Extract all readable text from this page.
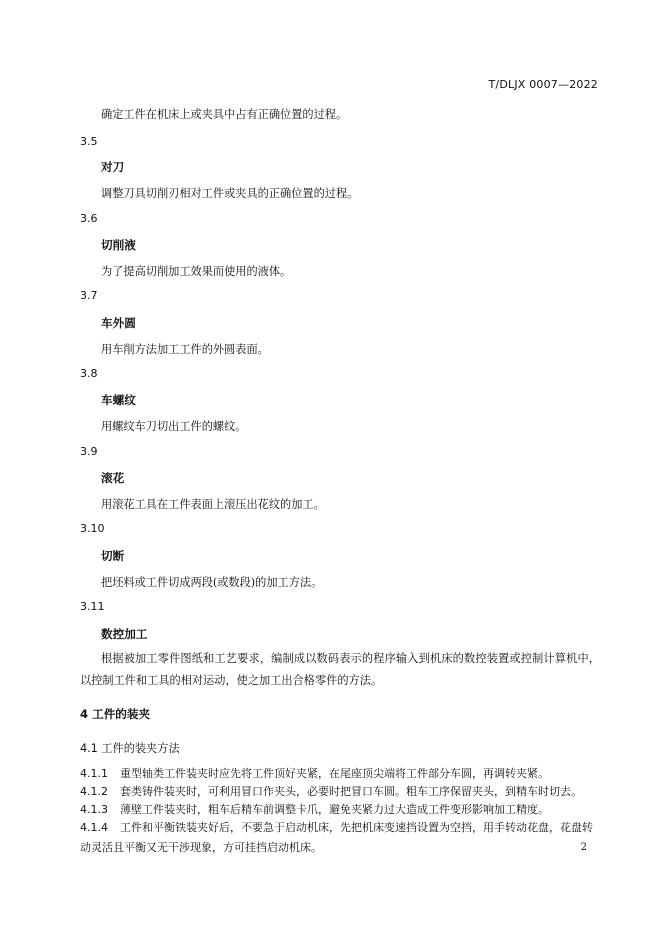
T/DLJX 0007—2022
确定工件在机床上或夹具中占有正确位置的过程。
3.5
对刀
调整刀具切削刃相对工件或夹具的正确位置的过程。
3.6
切削液
为了提高切削加工效果而使用的液体。
3.7
车外圆
用车削方法加工工件的外圆表面。
3.8
车螺纹
用螺纹车刀切出工件的螺纹。
3.9
滚花
用滚花工具在工件表面上滚压出花纹的加工。
3.10
切断
把坯料或工件切成两段(或数段)的加工方法。
3.11
数控加工
根据被加工零件图纸和工艺要求，编制成以数码表示的程序输入到机床的数控装置或控制计算机中，以控制工件和工具的相对运动，使之加工出合格零件的方法。
4 工件的装夹
4.1 工件的装夹方法
4.1.1 重型轴类工件装夹时应先将工件顶好夹紧，在尾座顶尖端将工件部分车圆，再调转夹紧。
4.1.2 套类铸件装夹时，可利用冒口作夹头，必要时把冒口车圆。粗车工序保留夹头，到精车时切去。
4.1.3 薄壁工件装夹时，粗车后精车前调整卡爪，避免夹紧力过大造成工件变形影响加工精度。
4.1.4 工件和平衡铁装夹好后，不要急于启动机床，先把机床变速挡设置为空挡，用手转动花盘，花盘转动灵活且平衡又无干涉现象，方可挂挡启动机床。	2
